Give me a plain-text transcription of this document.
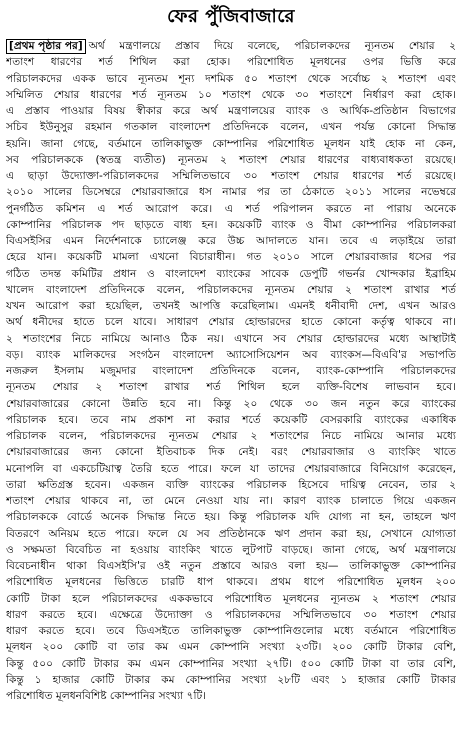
ফের পুঁজিবাজারে
[প্রথম পৃষ্ঠার পর] অর্থ মন্ত্রণালয়ে প্রস্তাব দিয়ে বলেছে, পরিচালকদের ন্যূনতম শেয়ার ২
শতাংশ ধারণের শর্ত শিথিল করা হোক। পরিশোধিত মূলধনের ওপর ভিত্তি করে
পরিচালকদের একক ভাবে ন্যূনতম শূন্য দশমিক ৫০ শতাংশ থেকে সর্বোচ্চ ২ শতাংশ এবং
সম্মিলিত শেয়ার ধারণের শর্ত ন্যূনতম ১০ শতাংশ থেকে ৩০ শতাংশে নির্ধারণ করা হোক।
এ প্রস্তাব পাওয়ার বিষয় স্বীকার করে অর্থ মন্ত্রণালয়ের ব্যাংক ও আর্থিক-প্রতিষ্ঠান বিভাগের
সচিব ইউনুসুর রহমান গতকাল বাংলাদেশ প্রতিদিনকে বলেন, এখন পর্যন্ত কোনো সিদ্ধান্ত
হয়নি। জানা গেছে, বর্তমানে তালিকাভুক্ত কোম্পানির পরিশোধিত মূলধন যাই হোক না কেন,
সব পরিচালককে (স্বতন্ত্র ব্যতীত) ন্যূনতম ২ শতাংশ শেয়ার ধারণের বাধ্যবাধকতা রয়েছে।
এ ছাড়া উদ্যোক্তা-পরিচালকদের সম্মিলিতভাবে ৩০ শতাংশ শেয়ার ধারণের শর্ত রয়েছে।
২০১০ সালের ডিসেম্বরে শেয়ারবাজারে ধস নামার পর তা ঠেকাতে ২০১১ সালের নভেম্বরে
পুনর্গঠিত কমিশন এ শর্ত আরোপ করে। এ শর্ত পরিপালন করতে না পারায় অনেকে
কোম্পানির পরিচালক পদ ছাড়তে বাধ্য হন। কয়েকটি ব্যাংক ও বীমা কোম্পানির পরিচালকরা
বিএসইসির এমন নির্দেশনাকে চ্যালেঞ্জ করে উচ্চ আদালতে যান। তবে এ লড়াইয়ে তারা
হেরে যান। কয়েকটি মামলা এখনো বিচারাধীন। গত ২০১০ সালে শেয়ারবাজার ধসের পর
গঠিত তদন্ত কমিটির প্রধান ও বাংলাদেশ ব্যাংকের সাবেক ডেপুটি গভর্নর খোন্দকার ইব্রাহিম
খালেদ বাংলাদেশ প্রতিদিনকে বলেন, পরিচালকদের ন্যূনতম শেয়ার ২ শতাংশ রাখার শর্ত
যখন আরোপ করা হয়েছিল, তখনই আপত্তি করেছিলাম। এমনই ধনীবাদী দেশ, এখন আরও
অর্থ ধনীদের হাতে চলে যাবে। সাধারণ শেয়ার হোল্ডারদের হাতে কোনো কর্তৃত্ব থাকবে না।
২ শতাংশের নিচে নামিয়ে আনাও ঠিক নয়। এখানে সব শেয়ার হোল্ডারদের মধ্যে আস্থাটাই
বড়। ব্যাংক মালিকদের সংগঠন বাংলাদেশ অ্যাসোসিয়েশন অব ব্যাংকস—বিএবি'র সভাপতি
নজরুল ইসলাম মজুমদার বাংলাদেশ প্রতিদিনকে বলেন, ব্যাংক-কোম্পানি পরিচালকদের
ন্যূনতম শেয়ার ২ শতাংশ রাখার শর্ত শিথিল হলে ব্যক্তি-বিশেষ লাভবান হবে।
শেয়ারবাজারের কোনো উন্নতি হবে না। কিন্তু ২০ থেকে ৩০ জন নতুন করে ব্যাংকের
পরিচালক হবে। তবে নাম প্রকাশ না করার শর্তে কয়েকটি বেসরকারি ব্যাংকের একাধিক
পরিচালক বলেন, পরিচালকদের ন্যূনতম শেয়ার ২ শতাংশের নিচে নামিয়ে আনার মধ্যে
শেয়ারবাজারের জন্য কোনো ইতিবাচক দিক নেই। বরং শেয়ারবাজার ও ব্যাংকিং খাতে
মনোপলি বা একচেটিয়াত্ব তৈরি হতে পারে। ফলে যা তাদের শেয়ারবাজারে বিনিয়োগ করেছেন,
তারা ক্ষতিগ্রস্ত হবেন। একজন ব্যক্তি ব্যাংকের পরিচালক হিসেবে দায়িত্ব নেবেন, তার ২
শতাংশ শেয়ার থাকবে না, তা মেনে নেওয়া যায় না। কারণ ব্যাংক চালাতে গিয়ে একজন
পরিচালককে বোর্ডে অনেক সিদ্ধান্ত নিতে হয়। কিন্তু পরিচালক যদি যোগ্য না হন, তাহলে ঋণ
বিতরণে অনিয়ম হতে পারে। ফলে যে সব প্রতিষ্ঠানকে ঋণ প্রদান করা হয়, সেখানে যোগ্যতা
ও সক্ষমতা বিবেচিত না হওয়ায় ব্যাংকিং খাতে লুটপাট বাড়ছে। জানা গেছে, অর্থ মন্ত্রণালয়ে
বিবেচনাধীন থাকা বিএসইসি'র ওই নতুন প্রস্তাবে আরও বলা হয়— তালিকাভুক্ত কোম্পানির
পরিশোধিত মূলধনের ভিত্তিতে চারটি ধাপ থাকবে। প্রথম ধাপে পরিশোধিত মূলধন ২০০
কোটি টাকা হলে পরিচালকদের এককভাবে পরিশোধিত মূলধনের ন্যূনতম ২ শতাংশ শেয়ার
ধারণ করতে হবে। এক্ষেত্রে উদ্যোক্তা ও পরিচালকদের সম্মিলিতভাবে ৩০ শতাংশ শেয়ার
ধারণ করতে হবে। তবে ডিএসইতে তালিকাভুক্ত কোম্পানিগুলোর মধ্যে বর্তমানে পরিশোধিত
মূলধন ২০০ কোটি বা তার কম এমন কোম্পানি সংখ্যা ২৩টি। ২০০ কোটি টাকার বেশি,
কিন্তু ৫০০ কোটি টাকার কম এমন কোম্পানির সংখ্যা ২৭টি। ৫০০ কোটি টাকা বা তার বেশি,
কিন্তু ১ হাজার কোটি টাকার কম কোম্পানির সংখ্যা ২৮টি এবং ১ হাজার কোটি টাকার
পরিশোধিত মূলধনবিশিষ্ট কোম্পানির সংখ্যা ৭টি।
